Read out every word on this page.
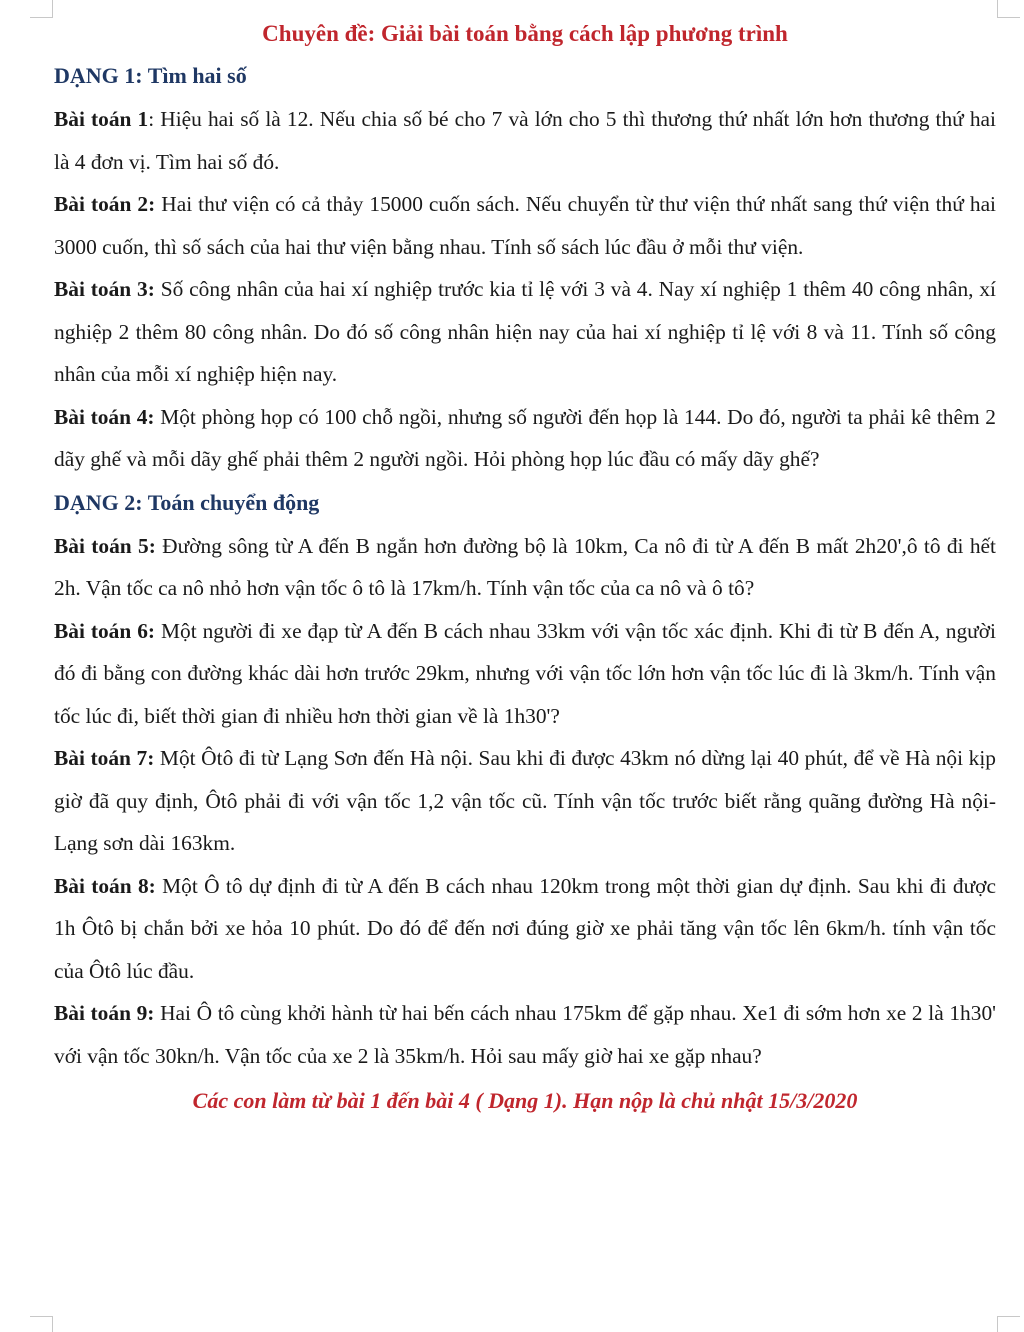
Chuyên đề: Giải bài toán bằng cách lập phương trình
DẠNG 1: Tìm hai số

Bài toán 1: Hiệu hai số là 12. Nếu chia số bé cho 7 và lớn cho 5 thì thương thứ nhất lớn hơn thương thứ hai là 4 đơn vị. Tìm hai số đó.

Bài toán 2: Hai thư viện có cả thảy 15000 cuốn sách. Nếu chuyển từ thư viện thứ nhất sang thứ viện thứ hai 3000 cuốn, thì số sách của hai thư viện bằng nhau. Tính số sách lúc đầu ở mỗi thư viện.

Bài toán 3: Số công nhân của hai xí nghiệp trước kia tỉ lệ với 3 và 4. Nay xí nghiệp 1 thêm 40 công nhân, xí nghiệp 2 thêm 80 công nhân. Do đó số công nhân hiện nay của hai xí nghiệp tỉ lệ với 8 và 11. Tính số công nhân của mỗi xí nghiệp hiện nay.

Bài toán 4: Một phòng họp có 100 chỗ ngồi, nhưng số người đến họp là 144. Do đó, người ta phải kê thêm 2 dãy ghế và mỗi dãy ghế phải thêm 2 người ngồi. Hỏi phòng họp lúc đầu có mấy dãy ghế?

DẠNG 2: Toán chuyển động

Bài toán 5: Đường sông từ A đến B ngắn hơn đường bộ là 10km, Ca nô đi từ A đến B mất 2h20',ô tô đi hết 2h. Vận tốc ca nô nhỏ hơn vận tốc ô tô là 17km/h. Tính vận tốc của ca nô và ô tô?

Bài toán 6: Một người đi xe đạp từ A đến B cách nhau 33km với vận tốc xác định. Khi đi từ B đến A, người đó đi bằng con đường khác dài hơn trước 29km, nhưng với vận tốc lớn hơn vận tốc lúc đi là 3km/h. Tính vận tốc lúc đi, biết thời gian đi nhiều hơn thời gian về là 1h30'?

Bài toán 7: Một Ôtô đi từ Lạng Sơn đến Hà nội. Sau khi đi được 43km nó dừng lại 40 phút, để về Hà nội kịp giờ đã quy định, Ôtô phải đi với vận tốc 1,2 vận tốc cũ. Tính vận tốc trước biết rằng quãng đường Hà nội- Lạng sơn dài 163km.

Bài toán 8: Một Ô tô dự định đi từ A đến B cách nhau 120km trong một thời gian dự định. Sau khi đi được 1h Ôtô bị chắn bởi xe hỏa 10 phút. Do đó để đến nơi đúng giờ xe phải tăng vận tốc lên 6km/h. tính vận tốc của Ôtô lúc đầu.

Bài toán 9: Hai Ô tô cùng khởi hành từ hai bến cách nhau 175km để gặp nhau. Xe1 đi sớm hơn xe 2 là 1h30' với vận tốc 30kn/h. Vận tốc của xe 2 là 35km/h. Hỏi sau mấy giờ hai xe gặp nhau?

Các con làm từ bài 1 đến bài 4 ( Dạng 1). Hạn nộp là chủ nhật 15/3/2020
